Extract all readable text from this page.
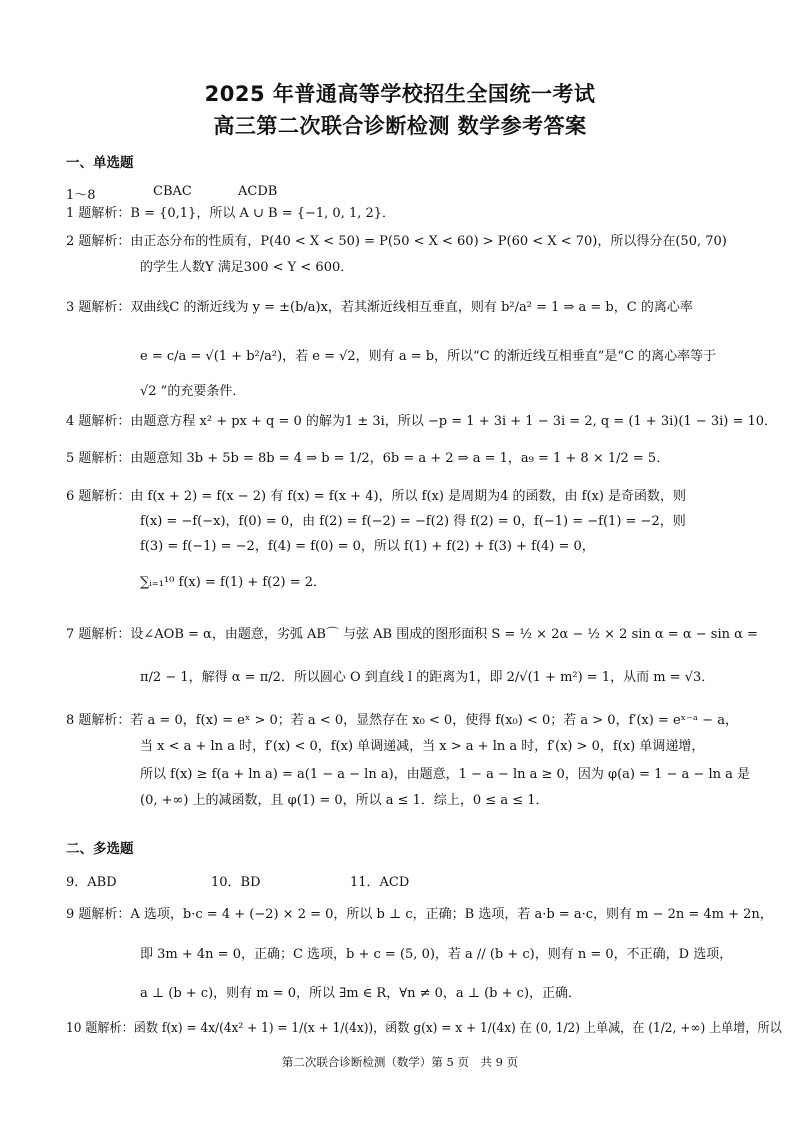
2025 年普通高等学校招生全国统一考试
高三第二次联合诊断检测 数学参考答案
一、单选题
1～8	CBAC	ACDB
1 题解析：B = {0,1}，所以 A ∪ B = {−1, 0, 1, 2}．
2 题解析：由正态分布的性质有，P(40 < X < 50) = P(50 < X < 60) > P(60 < X < 70)，所以得分在(50, 70)
的学生人数Y 满足300 < Y < 600．
3 题解析：双曲线C 的渐近线为 y = ±(b/a)x，若其渐近线相互垂直，则有 b²/a² = 1 ⇒ a = b，C 的离心率
e = c/a = √(1 + b²/a²)，若 e = √2，则有 a = b，所以“C 的渐近线互相垂直”是“C 的离心率等于
√2 ”的充要条件．
4 题解析：由题意方程 x² + px + q = 0 的解为1 ± 3i，所以 −p = 1 + 3i + 1 − 3i = 2, q = (1 + 3i)(1 − 3i) = 10．
5 题解析：由题意知 3b + 5b = 8b = 4 ⇒ b = 1/2，6b = a + 2 ⇒ a = 1，a₉ = 1 + 8 × 1/2 = 5．
6 题解析：由 f(x + 2) = f(x − 2) 有 f(x) = f(x + 4)，所以 f(x) 是周期为4 的函数，由 f(x) 是奇函数，则
f(x) = −f(−x)，f(0) = 0，由 f(2) = f(−2) = −f(2) 得 f(2) = 0，f(−1) = −f(1) = −2，则
f(3) = f(−1) = −2，f(4) = f(0) = 0，所以 f(1) + f(2) + f(3) + f(4) = 0，
∑ᵢ₌₁¹⁰ f(x) = f(1) + f(2) = 2．
7 题解析：设∠AOB = α，由题意，劣弧 AB⌒ 与弦 AB 围成的图形面积 S = ½ × 2α − ½ × 2 sin α = α − sin α =
π/2 − 1，解得 α = π/2．所以圆心 O 到直线 l 的距离为1，即 2/√(1 + m²) = 1，从而 m = √3．
8 题解析：若 a = 0，f(x) = eˣ > 0；若 a < 0，显然存在 x₀ < 0，使得 f(x₀) < 0；若 a > 0，f′(x) = eˣ⁻ᵃ − a，
当 x < a + ln a 时，f′(x) < 0，f(x) 单调递减，当 x > a + ln a 时，f′(x) > 0，f(x) 单调递增，
所以 f(x) ≥ f(a + ln a) = a(1 − a − ln a)，由题意，1 − a − ln a ≥ 0，因为 φ(a) = 1 − a − ln a 是
(0, +∞) 上的减函数，且 φ(1) = 0，所以 a ≤ 1．综上，0 ≤ a ≤ 1．
二、多选题
9．ABD	10．BD	11．ACD
9 题解析：A 选项，b·c = 4 + (−2) × 2 = 0，所以 b ⊥ c，正确；B 选项，若 a·b = a·c，则有 m − 2n = 4m + 2n，
即 3m + 4n = 0，正确；C 选项，b + c = (5, 0)，若 a // (b + c)，则有 n = 0，不正确，D 选项，
a ⊥ (b + c)，则有 m = 0，所以 ∃m ∈ R，∀n ≠ 0，a ⊥ (b + c)，正确．
10 题解析：函数 f(x) = 4x/(4x² + 1) = 1/(x + 1/(4x))，函数 g(x) = x + 1/(4x) 在 (0, 1/2) 上单减，在 (1/2, +∞) 上单增，所以
第二次联合诊断检测（数学）第 5 页　共 9 页
